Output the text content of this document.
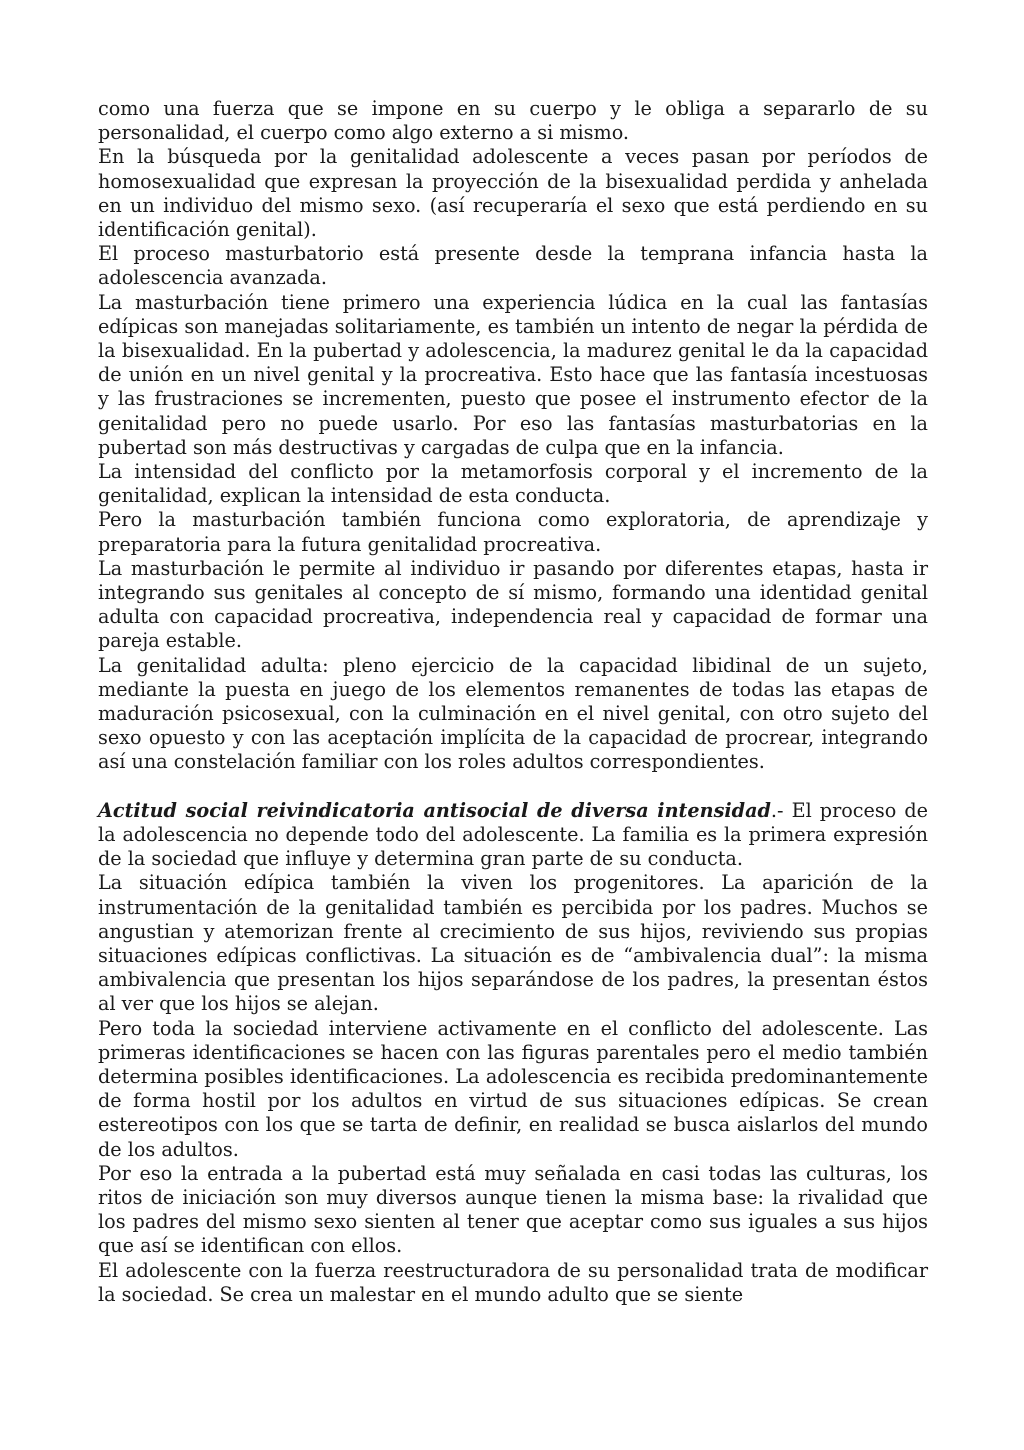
como una fuerza que se impone en su cuerpo y le obliga a separarlo de su personalidad, el cuerpo como algo externo a si mismo.

En la búsqueda por la genitalidad adolescente a veces pasan por períodos de homosexualidad que expresan la proyección de la bisexualidad perdida y anhelada en un individuo del mismo sexo. (así recuperaría el sexo que está perdiendo en su identificación genital).

El proceso masturbatorio está presente desde la temprana infancia hasta la adolescencia avanzada.

La masturbación tiene primero una experiencia lúdica en la cual las fantasías edípicas son manejadas solitariamente, es también un intento de negar la pérdida de la bisexualidad. En la pubertad y adolescencia, la madurez genital le da la capacidad de unión en un nivel genital y la procreativa. Esto hace que las fantasía incestuosas y las frustraciones se incrementen, puesto que posee el instrumento efector de la genitalidad pero no puede usarlo. Por eso las fantasías masturbatorias en la pubertad son más destructivas y cargadas de culpa que en la infancia.

La intensidad del conflicto por la metamorfosis corporal y el incremento de la genitalidad, explican la intensidad de esta conducta.

Pero la masturbación también funciona como exploratoria, de aprendizaje y preparatoria para la futura genitalidad procreativa.

La masturbación le permite al individuo ir pasando por diferentes etapas, hasta ir integrando sus genitales al concepto de sí mismo, formando una identidad genital adulta con capacidad procreativa, independencia real y capacidad de formar una pareja estable.

La genitalidad adulta: pleno ejercicio de la capacidad libidinal de un sujeto, mediante la puesta en juego de los elementos remanentes de todas las etapas de maduración psicosexual, con la culminación en el nivel genital, con otro sujeto del sexo opuesto y con las aceptación implícita de la capacidad de procrear, integrando así una constelación familiar con los roles adultos correspondientes.

Actitud social reivindicatoria antisocial de diversa intensidad.- El proceso de la adolescencia no depende todo del adolescente. La familia es la primera expresión de la sociedad que influye y determina gran parte de su conducta.

La situación edípica también la viven los progenitores. La aparición de la instrumentación de la genitalidad también es percibida por los padres. Muchos se angustian y atemorizan frente al crecimiento de sus hijos, reviviendo sus propias situaciones edípicas conflictivas. La situación es de “ambivalencia dual”: la misma ambivalencia que presentan los hijos separándose de los padres, la presentan éstos al ver que los hijos se alejan.

Pero toda la sociedad interviene activamente en el conflicto del adolescente. Las primeras identificaciones se hacen con las figuras parentales pero el medio también determina posibles identificaciones. La adolescencia es recibida predominantemente de forma hostil por los adultos en virtud de sus situaciones edípicas. Se crean estereotipos con los que se tarta de definir, en realidad se busca aislarlos del mundo de los adultos.

Por eso la entrada a la pubertad está muy señalada en casi todas las culturas, los ritos de iniciación son muy diversos aunque tienen la misma base: la rivalidad que los padres del mismo sexo sienten al tener que aceptar como sus iguales a sus hijos que así se identifican con ellos.

El adolescente con la fuerza reestructuradora de su personalidad trata de modificar la sociedad. Se crea un malestar en el mundo adulto que se siente
